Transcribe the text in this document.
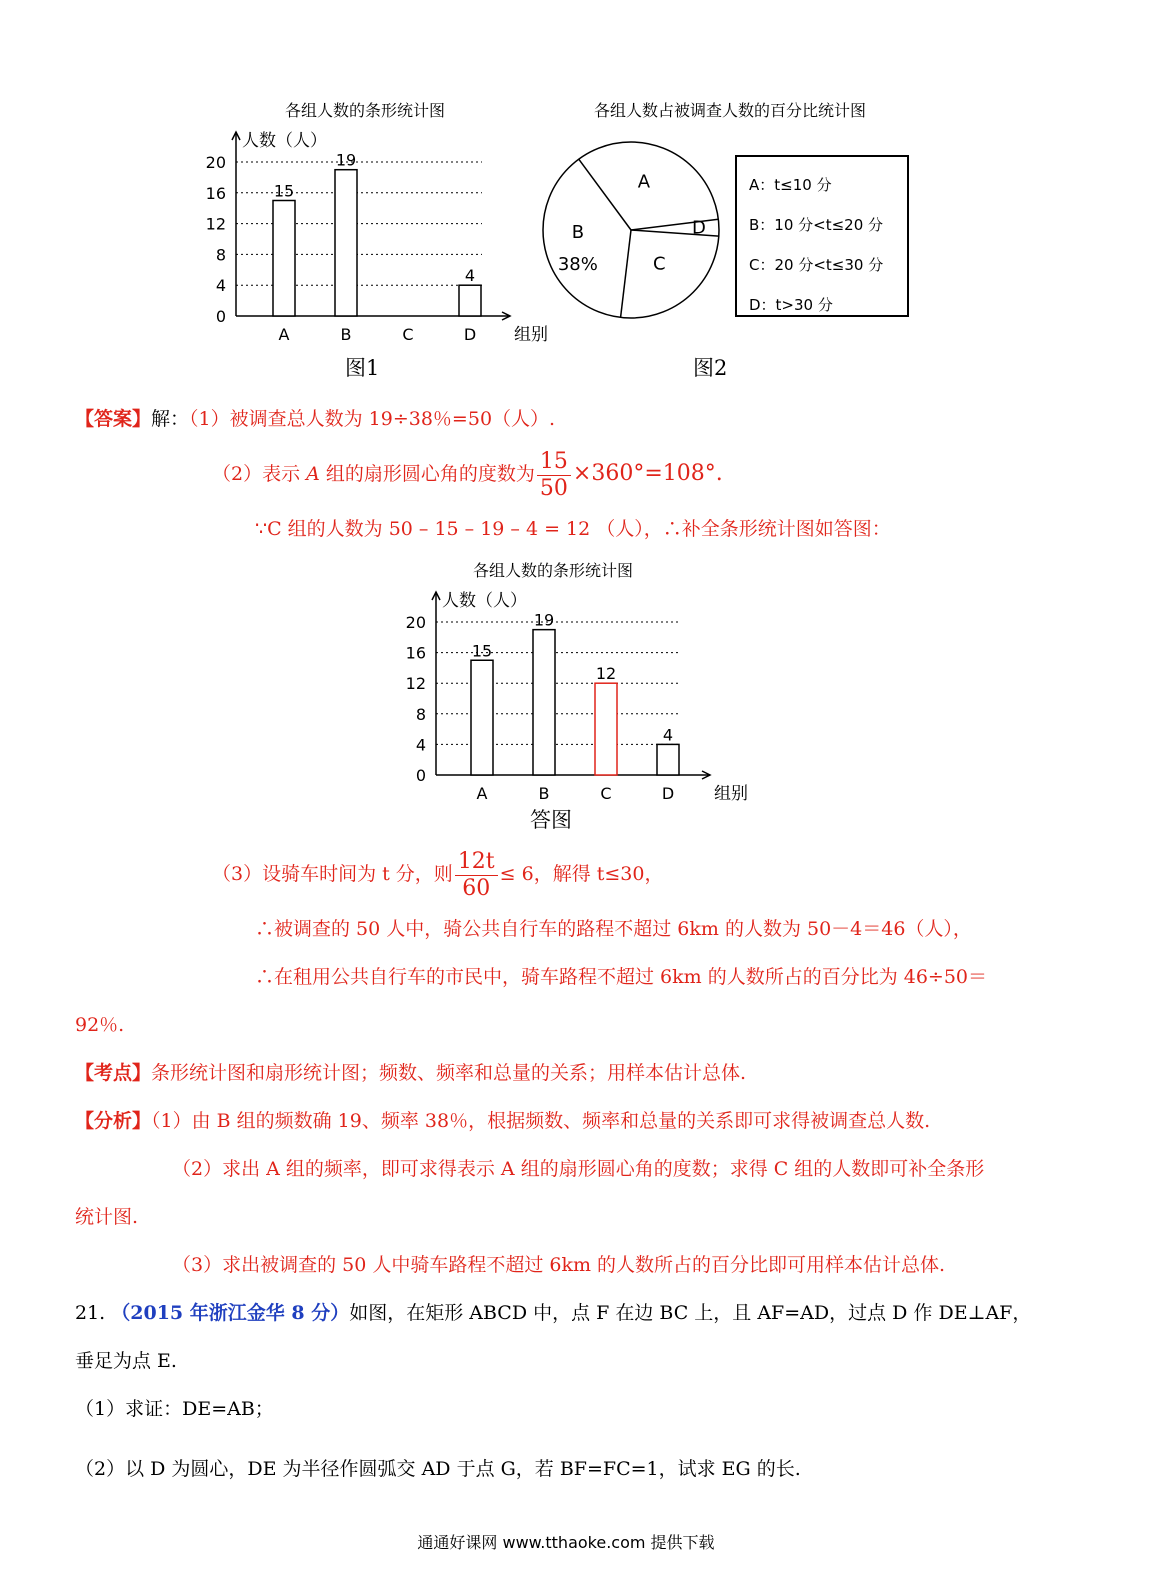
各组人数的条形统计图
0
4
8
12
16
20
人数（人）
组别
A
15
B
19
C	D
4
图1
各组人数占被调查人数的百分比统计图
A
B
38%	C
D
A：t≤10 分
B：10 分<t≤20 分
C：20 分<t≤30 分
D：t>30 分
图2
【答案】解：（1）被调查总人数为 19÷38％=50（人）.
（2）表示 A 组的扇形圆心角的度数为 $\frac{15}{50} \times 360^\circ=108^\circ$.
∵C 组的人数为 50 – 15 – 19 – 4 = 12 （人），∴补全条形统计图如答图：
各组人数的条形统计图
0
4
8
12
16
20
人数（人）
组别
A
15
B
19
C
12
D
4
答图
（3）设骑车时间为 t 分，则 $\frac{12t}{60} \le 6$，解得 t≤30，
∴被调查的 50 人中，骑公共自行车的路程不超过 6km 的人数为 50－4＝46（人），
∴在租用公共自行车的市民中，骑车路程不超过 6km 的人数所占的百分比为 46÷50＝
92％.
【考点】条形统计图和扇形统计图；频数、频率和总量的关系；用样本估计总体.
【分析】（1）由 B 组的频数确 19、频率 38％，根据频数、频率和总量的关系即可求得被调查总人数.
（2）求出 A 组的频率，即可求得表示 A 组的扇形圆心角的度数；求得 C 组的人数即可补全条形
统计图.
（3）求出被调查的 50 人中骑车路程不超过 6km 的人数所占的百分比即可用样本估计总体.
21. （2015 年浙江金华 8 分）如图，在矩形 ABCD 中，点 F 在边 BC 上，且 AF=AD，过点 D 作 DE⊥AF，
垂足为点 E.
（1）求证：DE=AB；
（2）以 D 为圆心，DE 为半径作圆弧交 AD 于点 G，若 BF=FC=1，试求 EG 的长.
通通好课网 www.tthaoke.com 提供下载
